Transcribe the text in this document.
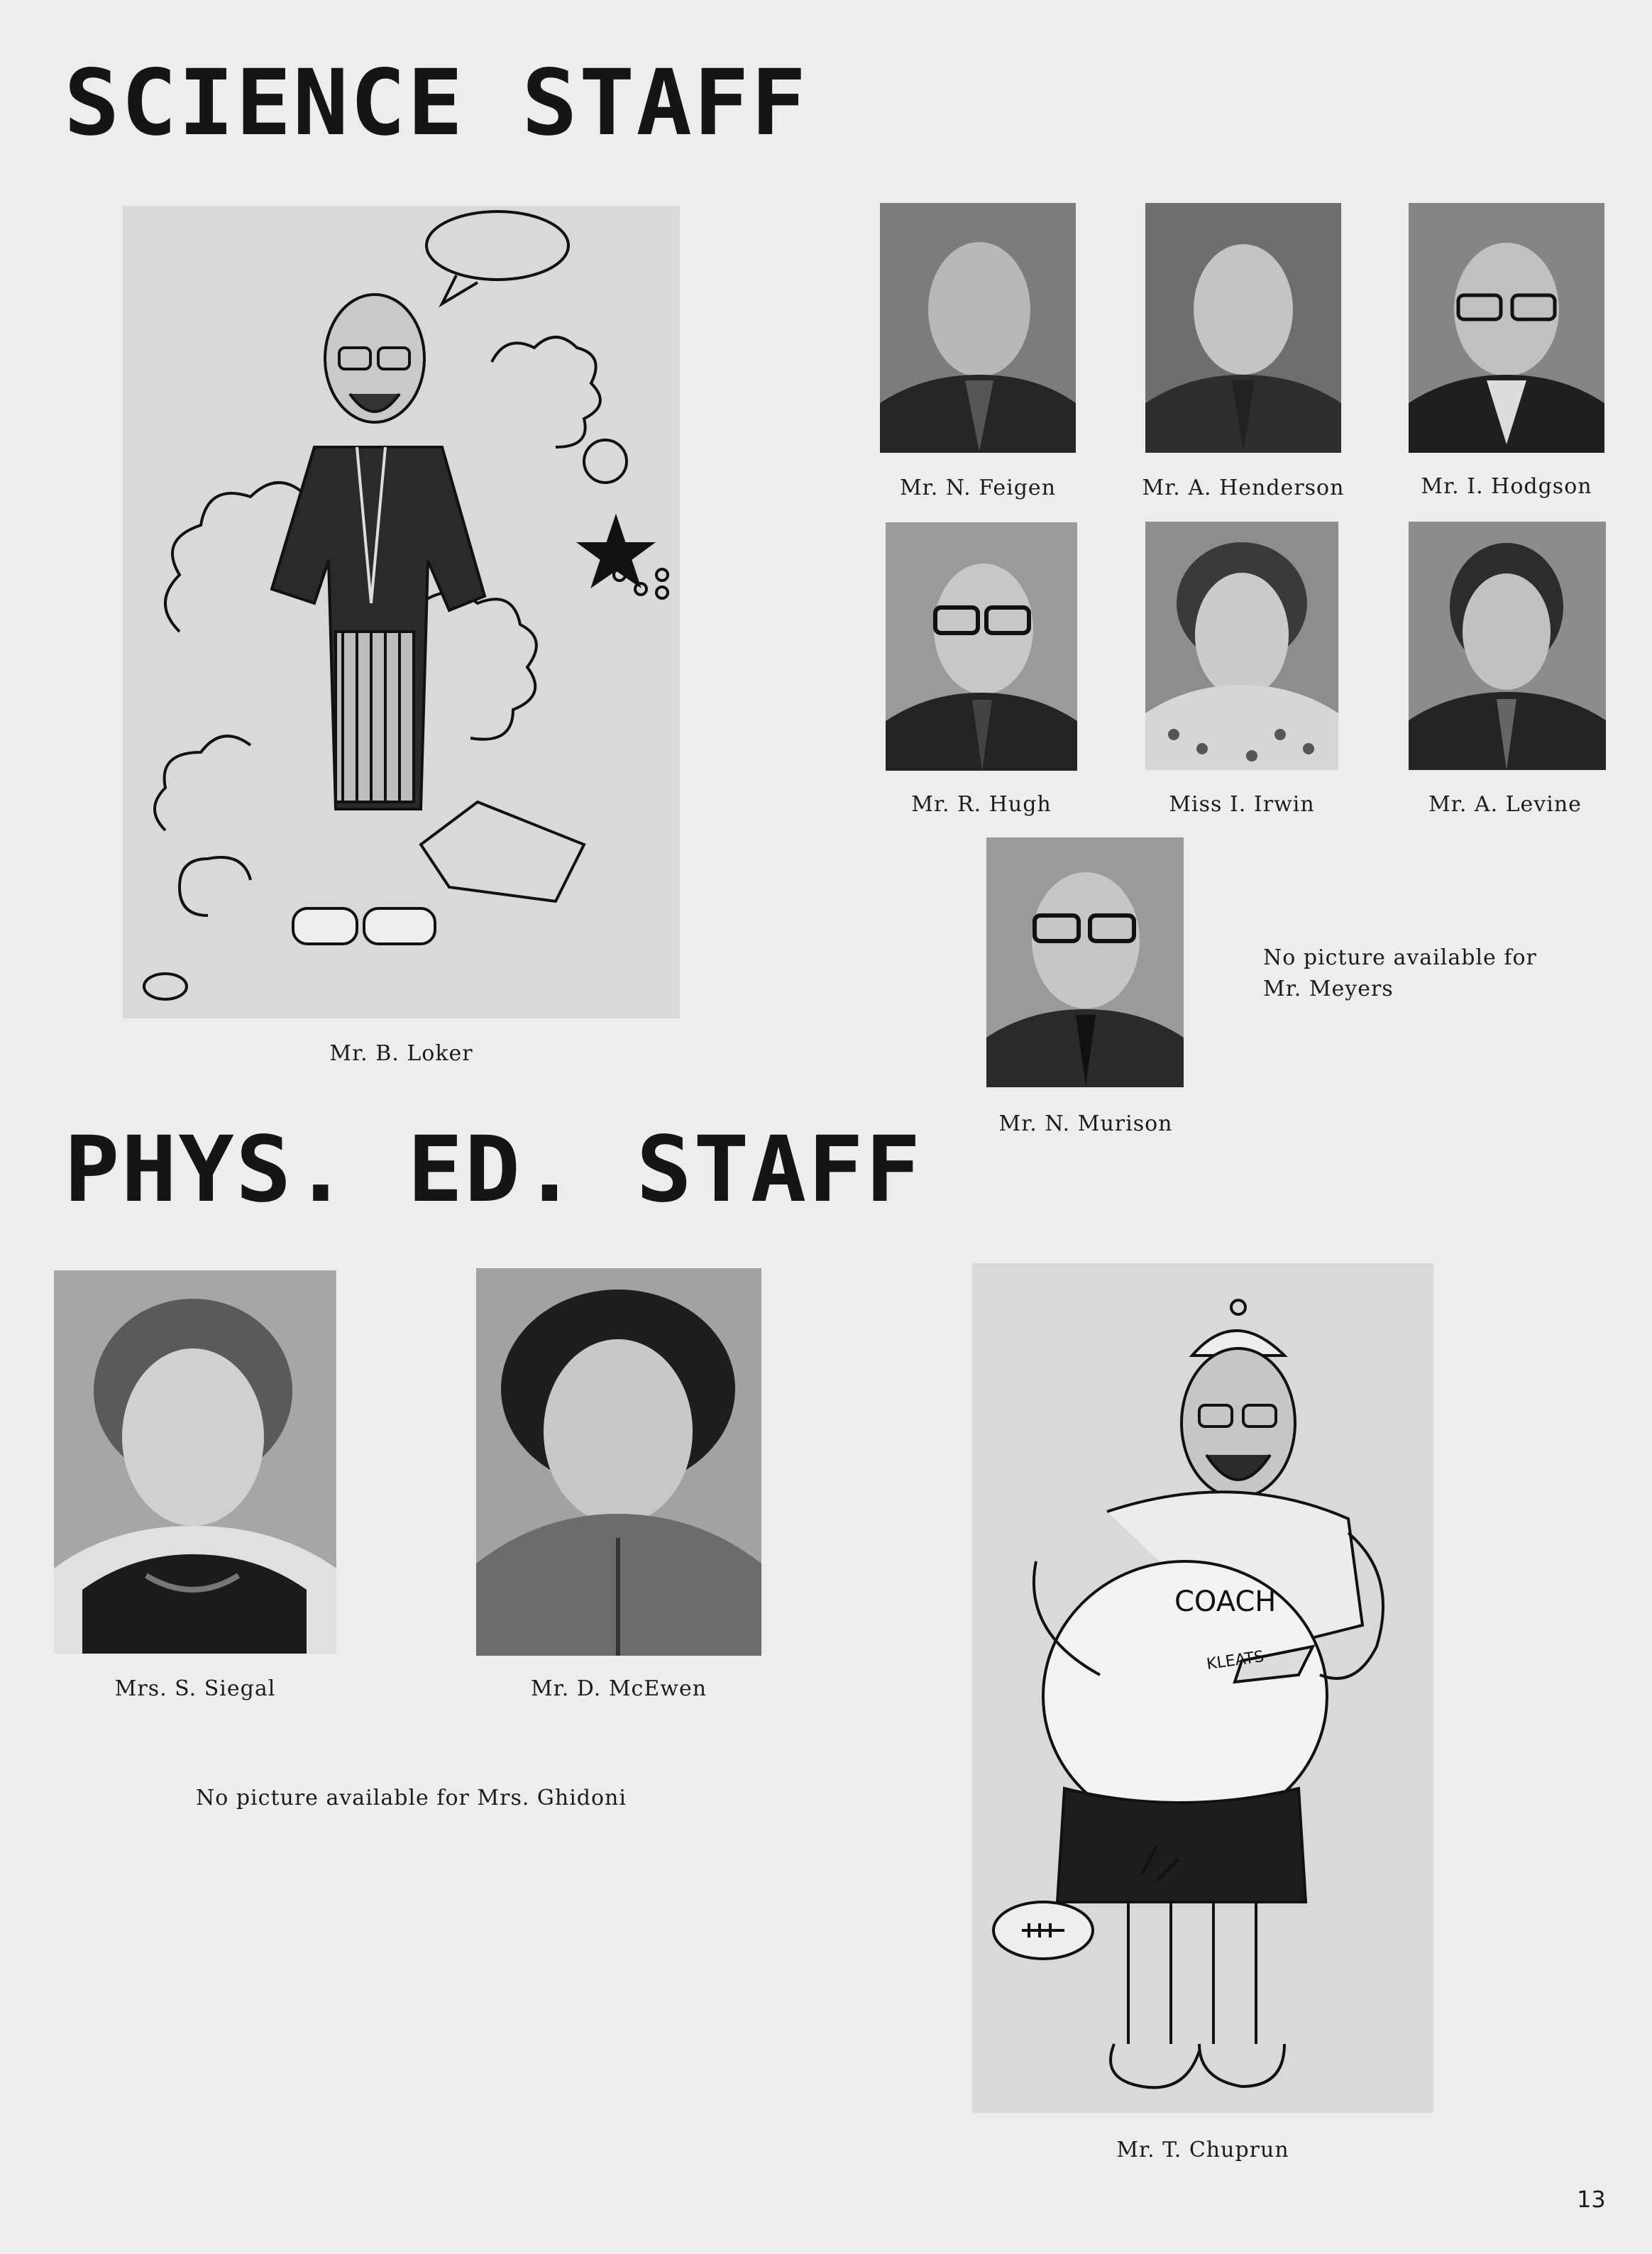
SCIENCE STAFF
Mr. B. Loker
Mr. N. Feigen	Mr. A. Henderson	Mr. I. Hodgson
Mr. R. Hugh	Miss I. Irwin	Mr. A. Levine
Mr. N. Murison
No picture available for Mr. Meyers
PHYS. ED. STAFF
Mrs. S. Siegal	Mr. D. McEwen
No picture available for Mrs. Ghidoni
COACH
KLEATS
Mr. T. Chuprun
13
